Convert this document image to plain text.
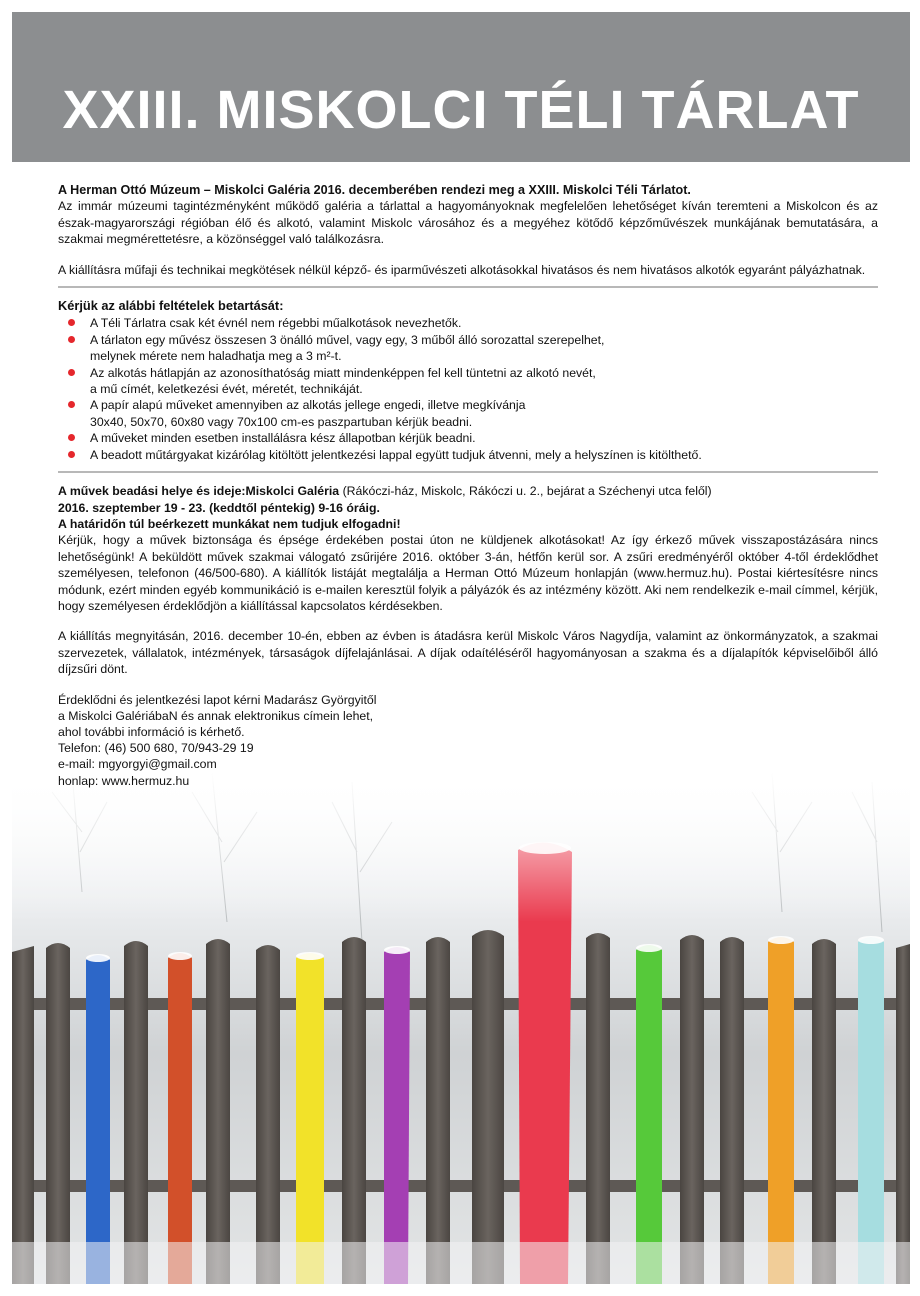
XXIII. MISKOLCI TÉLI TÁRLAT

A Herman Ottó Múzeum – Miskolci Galéria 2016. decemberében rendezi meg a XXIII. Miskolci Téli Tárlatot.

Az immár múzeumi tagintézményként működő galéria a tárlattal a hagyományoknak megfelelően lehetőséget kíván teremteni a Miskolcon és az észak-magyarországi régióban élő és alkotó, valamint Miskolc városához és a megyéhez kötődő képzőművészek munkájának bemutatására, a szakmai megmérettetésre, a közönséggel való találkozásra.

A kiállításra műfaji és technikai megkötések nélkül képző- és iparművészeti alkotásokkal hivatásos és nem hivatásos alkotók egyaránt pályázhatnak.

Kérjük az alábbi feltételek betartását:

A Téli Tárlatra csak két évnél nem régebbi műalkotások nevezhetők.
A tárlaton egy művész összesen 3 önálló művel, vagy egy, 3 műből álló sorozattal szerepelhet,
melynek mérete nem haladhatja meg a 3 m²-t.
Az alkotás hátlapján az azonosíthatóság miatt mindenképpen fel kell tüntetni az alkotó nevét,
a mű címét, keletkezési évét, méretét, technikáját.
A papír alapú műveket amennyiben az alkotás jellege engedi, illetve megkívánja
30x40, 50x70, 60x80 vagy 70x100 cm-es paszpartuban kérjük beadni.
A műveket minden esetben installálásra kész állapotban kérjük beadni.
A beadott műtárgyakat kizárólag kitöltött jelentkezési lappal együtt tudjuk átvenni, mely a helyszínen is kitölthető.

A művek beadási helye és ideje:Miskolci Galéria (Rákóczi-ház, Miskolc, Rákóczi u. 2., bejárat a Széchenyi utca felől)

2016. szeptember 19 - 23. (keddtől péntekig) 9-16 óráig.

A határidőn túl beérkezett munkákat nem tudjuk elfogadni!

Kérjük, hogy a művek biztonsága és épsége érdekében postai úton ne küldjenek alkotásokat! Az így érkező művek visszapostázására nincs lehetőségünk! A beküldött művek szakmai válogató zsűrijére 2016. október 3-án, hétfőn kerül sor. A zsűri eredményéről október 4-től érdeklődhet személyesen, telefonon (46/500-680). A kiállítók listáját megtalálja a Herman Ottó Múzeum honlapján (www.hermuz.hu). Postai kiértesítésre nincs módunk, ezért minden egyéb kommunikáció is e-mailen keresztül folyik a pályázók és az intézmény között. Aki nem rendelkezik e-mail címmel, kérjük, hogy személyesen érdeklődjön a kiállítással kapcsolatos kérdésekben.

A kiállítás megnyitásán, 2016. december 10-én, ebben az évben is átadásra kerül Miskolc Város Nagydíja, valamint az önkormányzatok, a szakmai szervezetek, vállalatok, intézmények, társaságok díjfelajánlásai. A díjak odaítéléséről hagyományosan a szakma és a díjalapítók képviselőiből álló díjzsűri dönt.

Érdeklődni és jelentkezési lapot kérni Madarász Györgyitől

a Miskolci GalériábaN és annak elektronikus címein lehet,

ahol további információ is kérhető.

Telefon: (46) 500 680, 70/943-29 19

e-mail: mgyorgyi@gmail.com

honlap: www.hermuz.hu
